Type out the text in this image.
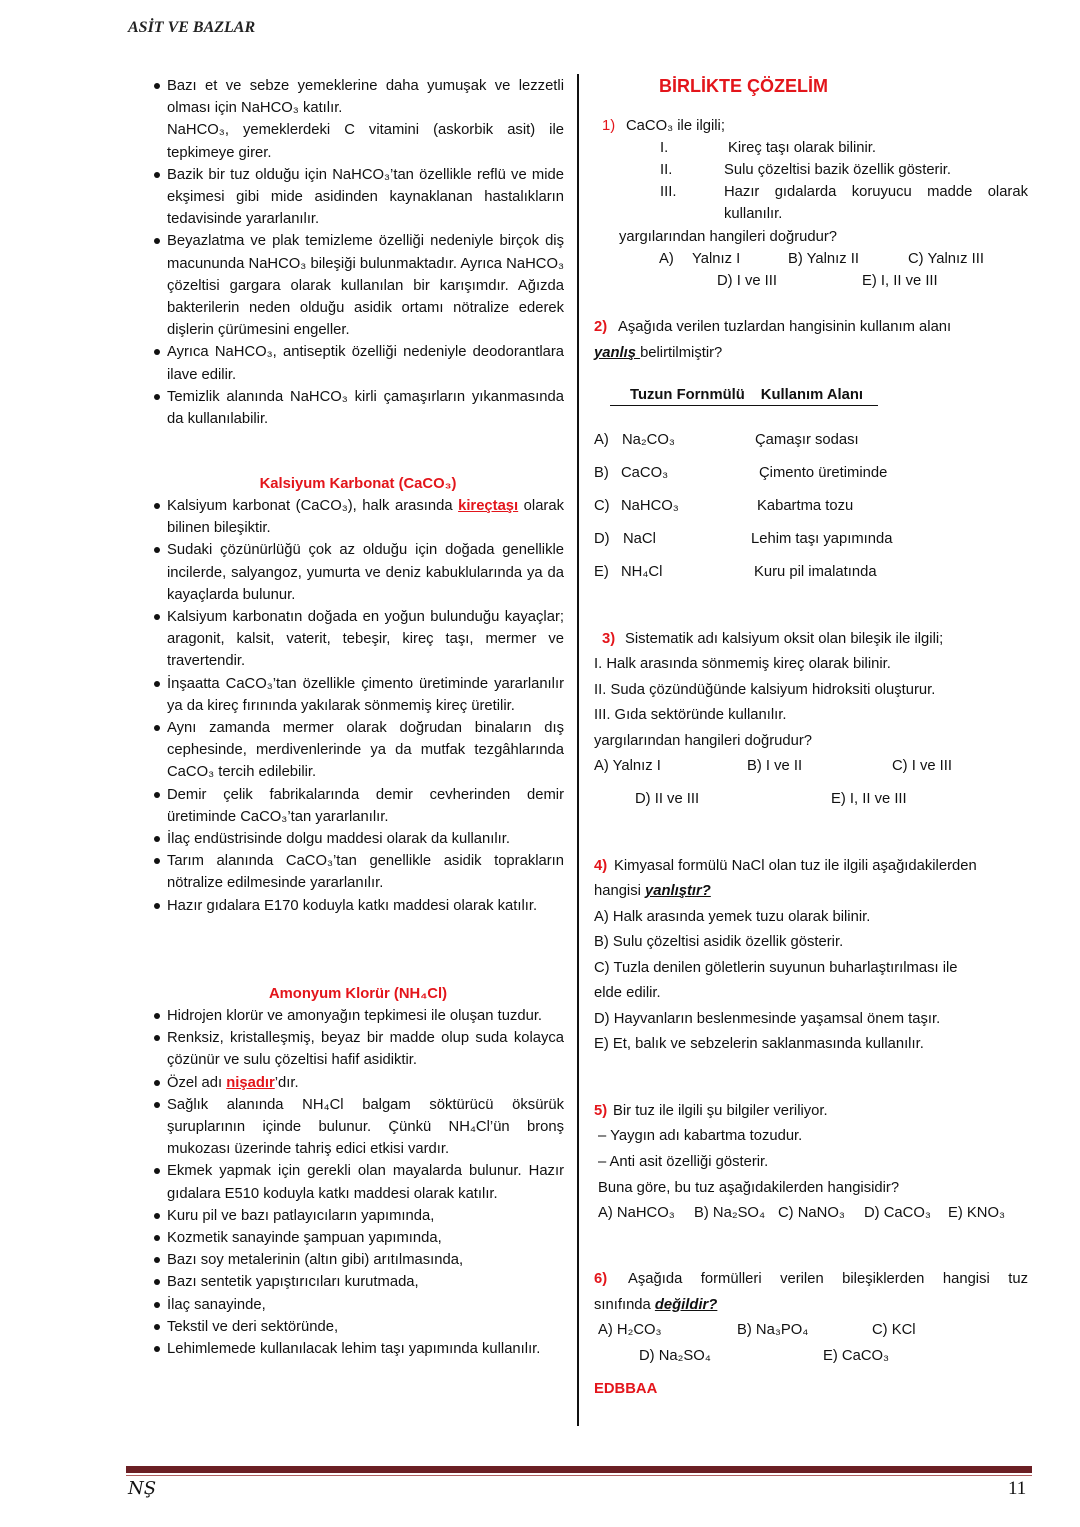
ASİT VE BAZLAR

Bazı et ve sebze yemeklerine daha yumuşak ve lezzetli olması için NaHCO₃ katılır.

NaHCO₃, yemeklerdeki C vitamini (askorbik asit) ile tepkimeye girer.

Bazik bir tuz olduğu için NaHCO₃’tan özellikle reflü ve mide ekşimesi gibi mide asidinden kaynaklanan hastalıkların tedavisinde yararlanılır.
Beyazlatma ve plak temizleme özelliği nedeniyle birçok diş macununda NaHCO₃ bileşiği bulunmaktadır. Ayrıca NaHCO₃ çözeltisi gargara olarak kullanılan bir karışımdır. Ağızda bakterilerin neden olduğu asidik ortamı nötralize ederek dişlerin çürümesini engeller.
Ayrıca NaHCO₃, antiseptik özelliği nedeniyle deodorantlara ilave edilir.
Temizlik alanında NaHCO₃ kirli çamaşırların yıkanmasında da kullanılabilir.
Kalsiyum Karbonat (CaCO₃)
Kalsiyum karbonat (CaCO₃), halk arasında kireçtaşı olarak bilinen bileşiktir.
Sudaki çözünürlüğü çok az olduğu için doğada genellikle incilerde, salyangoz, yumurta ve deniz kabuklularında ya da kayaçlarda bulunur.
Kalsiyum karbonatın doğada en yoğun bulunduğu kayaçlar; aragonit, kalsit, vaterit, tebeşir, kireç taşı, mermer ve travertendir.
İnşaatta CaCO₃’tan özellikle çimento üretiminde yararlanılır ya da kireç fırınında yakılarak sönmemiş kireç üretilir.
Aynı zamanda mermer olarak doğrudan binaların dış cephesinde, merdivenlerinde ya da mutfak tezgâhlarında CaCO₃ tercih edilebilir.
Demir çelik fabrikalarında demir cevherinden demir üretiminde CaCO₃’tan yararlanılır.
İlaç endüstrisinde dolgu maddesi olarak da kullanılır.
Tarım alanında CaCO₃’tan genellikle asidik toprakların nötralize edilmesinde yararlanılır.
Hazır gıdalara E170 koduyla katkı maddesi olarak katılır.
Amonyum Klorür (NH₄Cl)
Hidrojen klorür ve amonyağın tepkimesi ile oluşan tuzdur.
Renksiz, kristalleşmiş, beyaz bir madde olup suda kolayca çözünür ve sulu çözeltisi hafif asidiktir.
Özel adı nişadır’dır.
Sağlık alanında NH₄Cl balgam söktürücü öksürük şuruplarının içinde bulunur. Çünkü NH₄Cl’ün bronş mukozası üzerinde tahriş edici etkisi vardır.
Ekmek yapmak için gerekli olan mayalarda bulunur. Hazır gıdalara E510 koduyla katkı maddesi olarak katılır.
Kuru pil ve bazı patlayıcıların yapımında,
Kozmetik sanayinde şampuan yapımında,
Bazı soy metalerinin (altın gibi) arıtılmasında,
Bazı sentetik yapıştırıcıları kurutmada,
İlaç sanayinde,
Tekstil ve deri sektöründe,
Lehimlemede kullanılacak lehim taşı yapımında kullanılır.
BİRLİKTE ÇÖZELİM
1) CaCO₃ ile ilgili;
I.	Kireç taşı olarak bilinir.
II.	Sulu çözeltisi bazik özellik gösterir.
III.	Hazır gıdalarda koruyucu madde olarak
kullanılır.
yargılarından hangileri doğrudur?
A) Yalnız I	B) Yalnız II	C) Yalnız III
D) I ve III	E) I, II ve III
2) Aşağıda verilen tuzlardan hangisinin kullanım alanı
yanlış belirtilmiştir?
Tuzun Fornmülü Kullanım Alanı
A) Na₂CO₃	Çamaşır sodası
B) CaCO₃	Çimento üretiminde
C) NaHCO₃	Kabartma tozu
D) NaCl	Lehim taşı yapımında
E) NH₄Cl	Kuru pil imalatında
3) Sistematik adı kalsiyum oksit olan bileşik ile ilgili;
I. Halk arasında sönmemiş kireç olarak bilinir.
II. Suda çözündüğünde kalsiyum hidroksiti oluşturur.
III. Gıda sektöründe kullanılır.
yargılarından hangileri doğrudur?
A) Yalnız I	B) I ve II	C) I ve III
D) II ve III	E) I, II ve III
4) Kimyasal formülü NaCl olan tuz ile ilgili aşağıdakilerden
hangisi yanlıştır?
A) Halk arasında yemek tuzu olarak bilinir.
B) Sulu çözeltisi asidik özellik gösterir.
C) Tuzla denilen göletlerin suyunun buharlaştırılması ile
elde edilir.
D) Hayvanların beslenmesinde yaşamsal önem taşır.
E) Et, balık ve sebzelerin saklanmasında kullanılır.
5) Bir tuz ile ilgili şu bilgiler veriliyor.
– Yaygın adı kabartma tozudur.
– Anti asit özelliği gösterir.
Buna göre, bu tuz aşağıdakilerden hangisidir?
A) NaHCO₃ B) Na₂SO₄ C) NaNO₃ D) CaCO₃ E) KNO₃
6) Aşağıda formülleri verilen bileşiklerden hangisi tuz
sınıfında değildir?
A) H₂CO₃	B) Na₃PO₄	C) KCl
D) Na₂SO₄	E) CaCO₃
EDBBAA
NŞ	11
